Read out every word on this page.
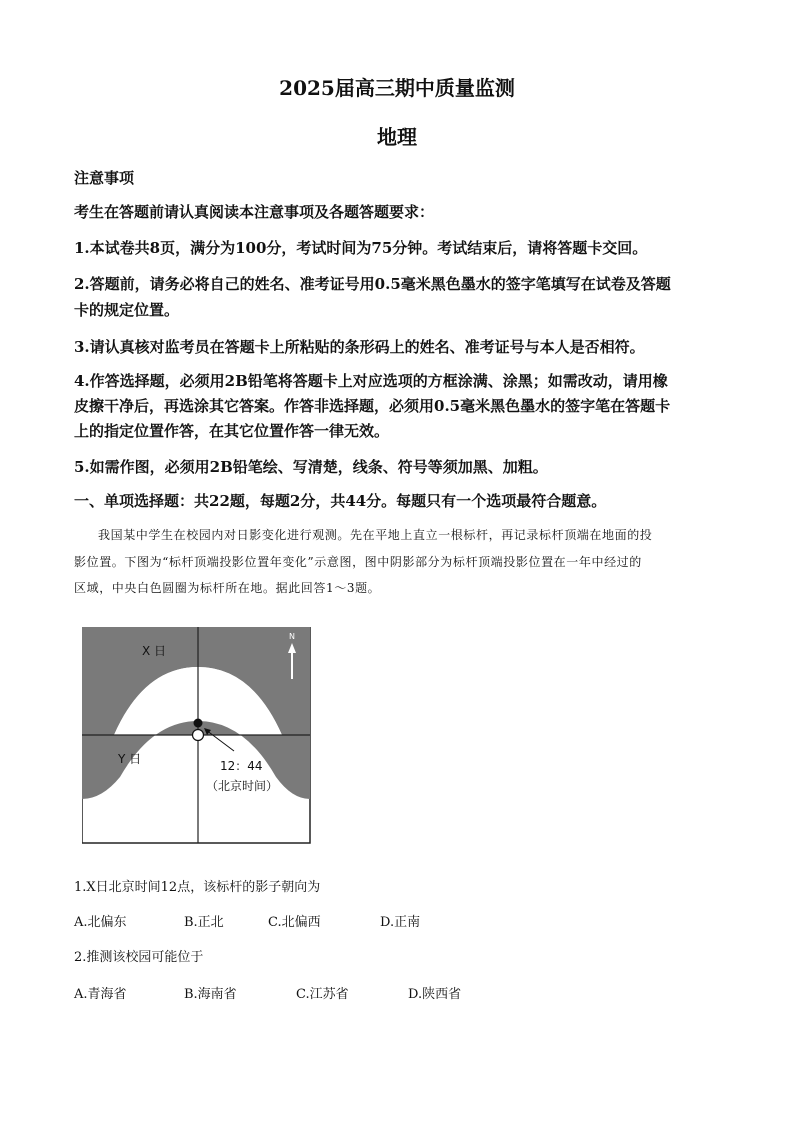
2025届高三期中质量监测
地理
注意事项
考生在答题前请认真阅读本注意事项及各题答题要求：
1.本试卷共8页，满分为100分，考试时间为75分钟。考试结束后，请将答题卡交回。
2.答题前，请务必将自己的姓名、准考证号用0.5毫米黑色墨水的签字笔填写在试卷及答题
卡的规定位置。
3.请认真核对监考员在答题卡上所粘贴的条形码上的姓名、准考证号与本人是否相符。
4.作答选择题，必须用2B铅笔将答题卡上对应选项的方框涂满、涂黑；如需改动，请用橡
皮擦干净后，再选涂其它答案。作答非选择题，必须用0.5毫米黑色墨水的签字笔在答题卡
上的指定位置作答，在其它位置作答一律无效。
5.如需作图，必须用2B铅笔绘、写清楚，线条、符号等须加黑、加粗。
一、单项选择题：共22题，每题2分，共44分。每题只有一个选项最符合题意。
我国某中学生在校园内对日影变化进行观测。先在平地上直立一根标杆，再记录标杆顶端在地面的投
影位置。下图为“标杆顶端投影位置年变化”示意图，图中阴影部分为标杆顶端投影位置在一年中经过的
区域，中央白色圆圈为标杆所在地。据此回答1～3题。
N
X 日
Y 日	12：44
（北京时间）
1.X日北京时间12点，该标杆的影子朝向为
A.北偏东	B.正北	C.北偏西	D.正南
2.推测该校园可能位于
A.青海省	B.海南省	C.江苏省	D.陕西省
